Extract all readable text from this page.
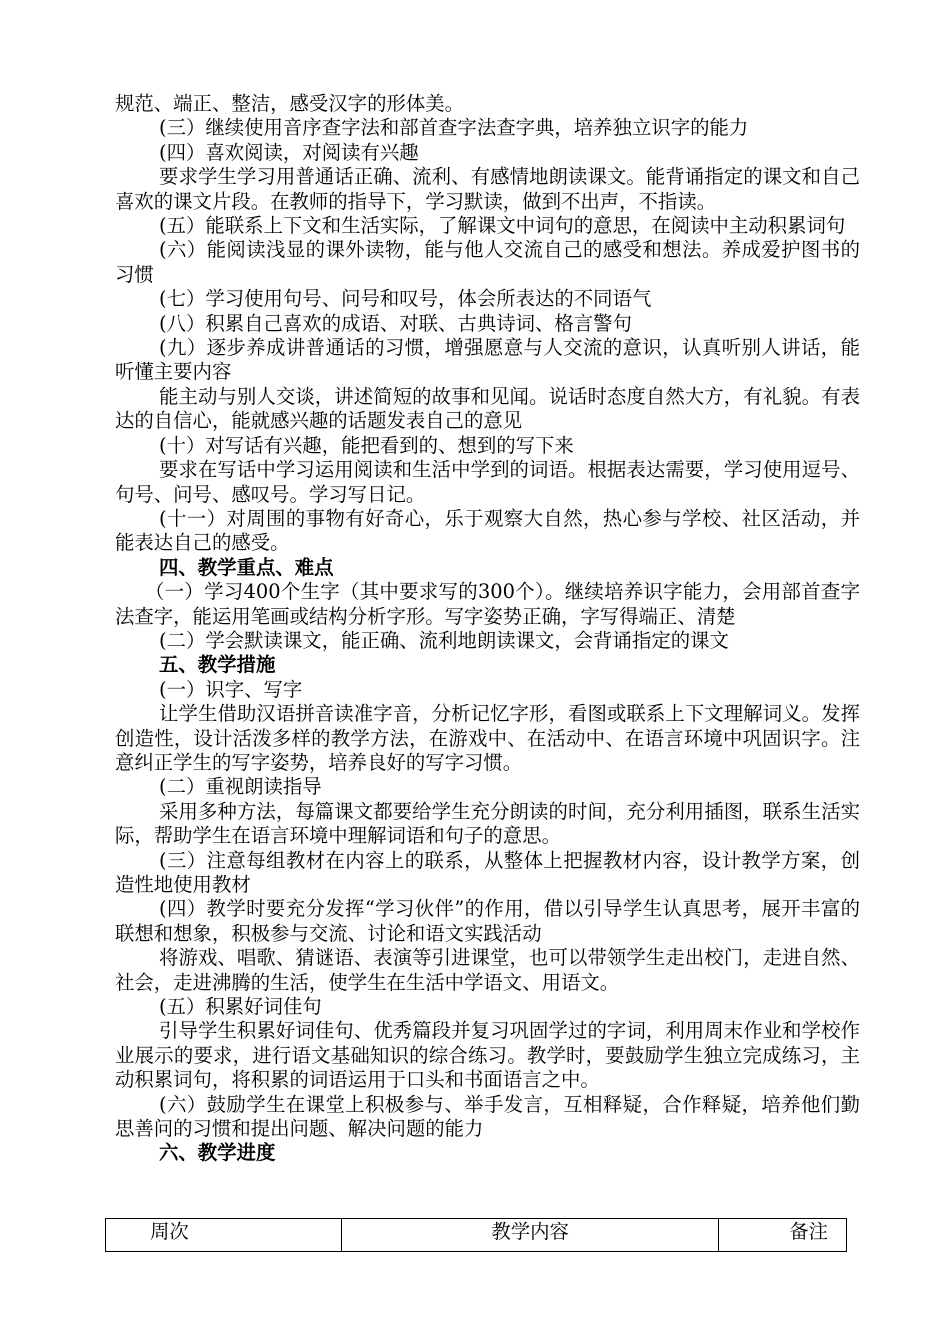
规范、端正、整洁，感受汉字的形体美。

(三）继续使用音序查字法和部首查字法查字典，培养独立识字的能力

(四）喜欢阅读，对阅读有兴趣

要求学生学习用普通话正确、流利、有感情地朗读课文。能背诵指定的课文和自己喜欢的课文片段。在教师的指导下，学习默读，做到不出声，不指读。

(五）能联系上下文和生活实际，了解课文中词句的意思，在阅读中主动积累词句

(六）能阅读浅显的课外读物，能与他人交流自己的感受和想法。养成爱护图书的习惯

(七）学习使用句号、问号和叹号，体会所表达的不同语气

(八）积累自己喜欢的成语、对联、古典诗词、格言警句

(九）逐步养成讲普通话的习惯，增强愿意与人交流的意识，认真听别人讲话，能听懂主要内容

能主动与别人交谈，讲述简短的故事和见闻。说话时态度自然大方，有礼貌。有表达的自信心，能就感兴趣的话题发表自己的意见

(十）对写话有兴趣，能把看到的、想到的写下来

要求在写话中学习运用阅读和生活中学到的词语。根据表达需要，学习使用逗号、句号、问号、感叹号。学习写日记。

(十一）对周围的事物有好奇心，乐于观察大自然，热心参与学校、社区活动，并能表达自己的感受。

四、教学重点、难点

（一）学习400个生字（其中要求写的300个）。继续培养识字能力，会用部首查字法查字，能运用笔画或结构分析字形。写字姿势正确，字写得端正、清楚

(二）学会默读课文，能正确、流利地朗读课文，会背诵指定的课文

五、教学措施

(一）识字、写字

让学生借助汉语拼音读准字音，分析记忆字形，看图或联系上下文理解词义。发挥创造性，设计活泼多样的教学方法，在游戏中、在活动中、在语言环境中巩固识字。注意纠正学生的写字姿势，培养良好的写字习惯。

(二）重视朗读指导

采用多种方法，每篇课文都要给学生充分朗读的时间，充分利用插图，联系生活实际，帮助学生在语言环境中理解词语和句子的意思。

(三）注意每组教材在内容上的联系，从整体上把握教材内容，设计教学方案，创造性地使用教材

(四）教学时要充分发挥“学习伙伴”的作用，借以引导学生认真思考，展开丰富的联想和想象，积极参与交流、讨论和语文实践活动

将游戏、唱歌、猜谜语、表演等引进课堂，也可以带领学生走出校门，走进自然、社会，走进沸腾的生活，使学生在生活中学语文、用语文。

(五）积累好词佳句

引导学生积累好词佳句、优秀篇段并复习巩固学过的字词，利用周末作业和学校作业展示的要求，进行语文基础知识的综合练习。教学时，要鼓励学生独立完成练习，主动积累词句，将积累的词语运用于口头和书面语言之中。

(六）鼓励学生在课堂上积极参与、举手发言，互相释疑，合作释疑，培养他们勤思善问的习惯和提出问题、解决问题的能力

六、教学进度

周次	教学内容	备注
